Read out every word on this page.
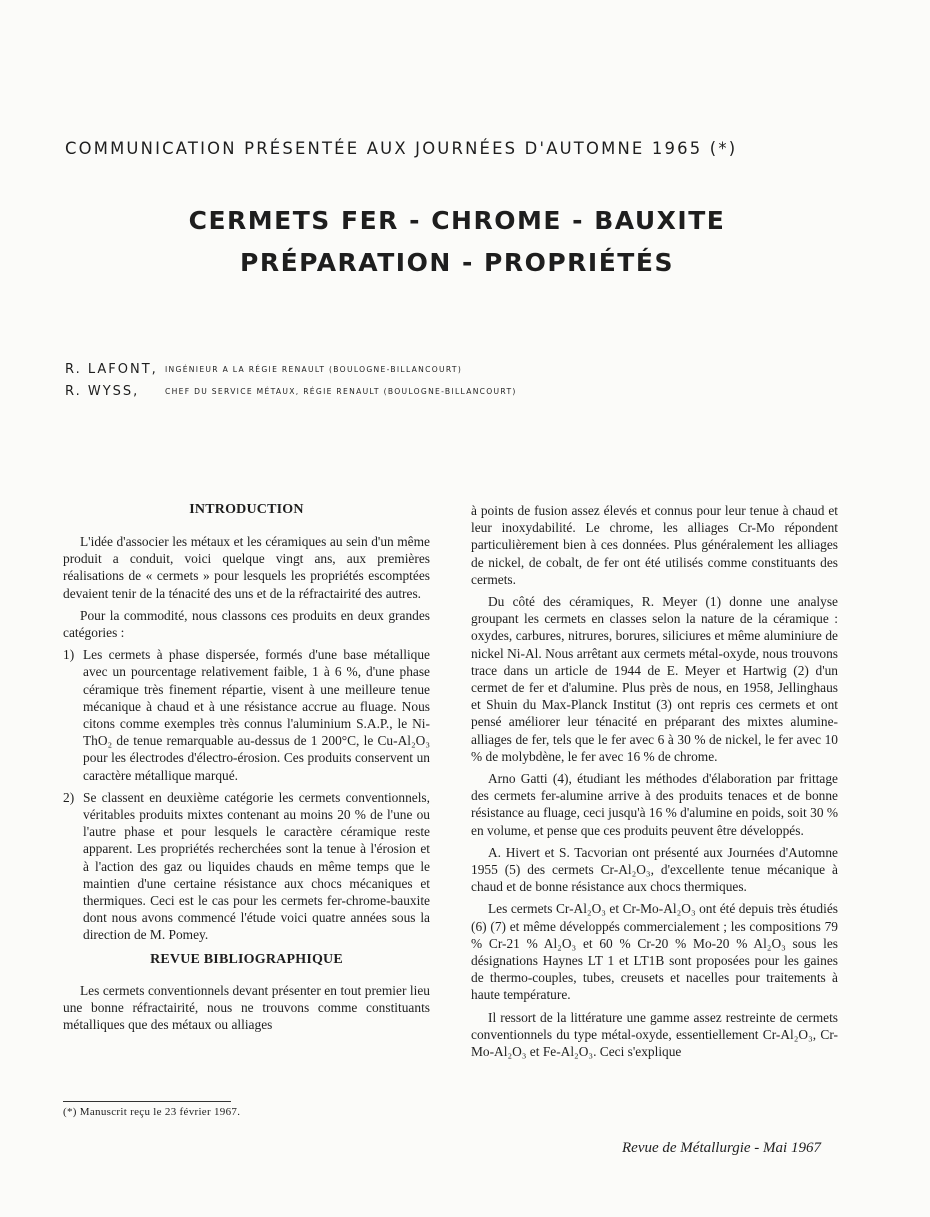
COMMUNICATION PRÉSENTÉE AUX JOURNÉES D'AUTOMNE 1965 (*)
CERMETS FER - CHROME - BAUXITE
PRÉPARATION - PROPRIÉTÉS
R. LAFONT, INGÉNIEUR A LA RÉGIE RENAULT (BOULOGNE-BILLANCOURT)
R. WYSS,	CHEF DU SERVICE MÉTAUX, RÉGIE RENAULT (BOULOGNE-BILLANCOURT)
INTRODUCTION

L'idée d'associer les métaux et les céramiques au sein d'un même produit a conduit, voici quelque vingt ans, aux premières réalisations de « cermets » pour lesquels les propriétés escomptées devaient tenir de la ténacité des uns et de la réfractairité des autres.

Pour la commodité, nous classons ces produits en deux grandes catégories :

1) Les cermets à phase dispersée, formés d'une base métallique avec un pourcentage relativement faible, 1 à 6 %, d'une phase céramique très finement répartie, visent à une meilleure tenue mécanique à chaud et à une résistance accrue au fluage. Nous citons comme exemples très connus l'aluminium S.A.P., le Ni-ThO₂ de tenue remarquable au-dessus de 1 200°C, le Cu-Al₂O₃ pour les électrodes d'électro-érosion. Ces produits conservent un caractère métallique marqué.

2) Se classent en deuxième catégorie les cermets conventionnels, véritables produits mixtes contenant au moins 20 % de l'une ou l'autre phase et pour lesquels le caractère céramique reste apparent. Les propriétés recherchées sont la tenue à l'érosion et à l'action des gaz ou liquides chauds en même temps que le maintien d'une certaine résistance aux chocs mécaniques et thermiques. Ceci est le cas pour les cermets fer-chrome-bauxite dont nous avons commencé l'étude voici quatre années sous la direction de M. Pomey.

REVUE BIBLIOGRAPHIQUE

Les cermets conventionnels devant présenter en tout premier lieu une bonne réfractairité, nous ne trouvons comme constituants métalliques que des métaux ou alliages

à points de fusion assez élevés et connus pour leur tenue à chaud et leur inoxydabilité. Le chrome, les alliages Cr-Mo répondent particulièrement bien à ces données. Plus généralement les alliages de nickel, de cobalt, de fer ont été utilisés comme constituants des cermets.

Du côté des céramiques, R. Meyer (1) donne une analyse groupant les cermets en classes selon la nature de la céramique : oxydes, carbures, nitrures, borures, siliciures et même aluminiure de nickel Ni-Al. Nous arrêtant aux cermets métal-oxyde, nous trouvons trace dans un article de 1944 de E. Meyer et Hartwig (2) d'un cermet de fer et d'alumine. Plus près de nous, en 1958, Jellinghaus et Shuin du Max-Planck Institut (3) ont repris ces cermets et ont pensé améliorer leur ténacité en préparant des mixtes alumine-alliages de fer, tels que le fer avec 6 à 30 % de nickel, le fer avec 10 % de molybdène, le fer avec 16 % de chrome.

Arno Gatti (4), étudiant les méthodes d'élaboration par frittage des cermets fer-alumine arrive à des produits tenaces et de bonne résistance au fluage, ceci jusqu'à 16 % d'alumine en poids, soit 30 % en volume, et pense que ces produits peuvent être développés.

A. Hivert et S. Tacvorian ont présenté aux Journées d'Automne 1955 (5) des cermets Cr-Al₂O₃, d'excellente tenue mécanique à chaud et de bonne résistance aux chocs thermiques.

Les cermets Cr-Al₂O₃ et Cr-Mo-Al₂O₃ ont été depuis très étudiés (6) (7) et même développés commercialement ; les compositions 79 % Cr-21 % Al₂O₃ et 60 % Cr-20 % Mo-20 % Al₂O₃ sous les désignations Haynes LT 1 et LT1B sont proposées pour les gaines de thermo-couples, tubes, creusets et nacelles pour traitements à haute température.

Il ressort de la littérature une gamme assez restreinte de cermets conventionnels du type métal-oxyde, essentiellement Cr-Al₂O₃, Cr-Mo-Al₂O₃ et Fe-Al₂O₃. Ceci s'explique

(*) Manuscrit reçu le 23 février 1967.
Revue de Métallurgie - Mai 1967
